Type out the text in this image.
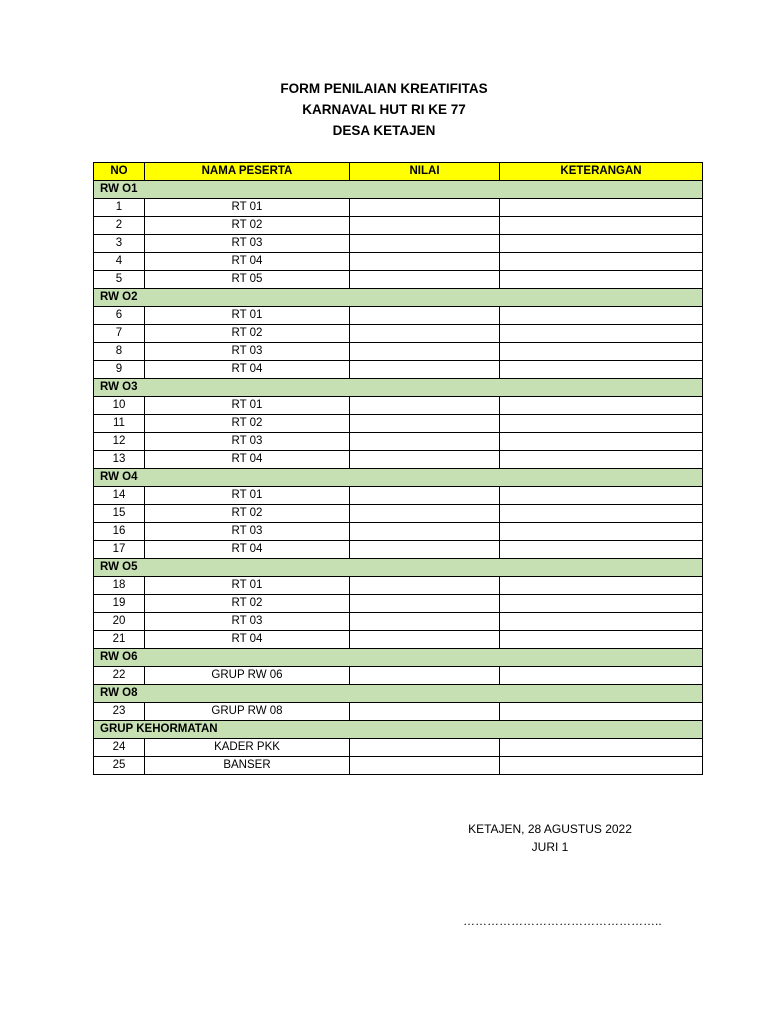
FORM PENILAIAN KREATIFITAS
KARNAVAL HUT RI KE 77
DESA KETAJEN
NO	NAMA PESERTA	NILAI	KETERANGAN
RW O1			
1	RT 01		
2	RT 02		
3	RT 03		
4	RT 04		
5	RT 05		
RW O2			
6	RT 01		
7	RT 02		
8	RT 03		
9	RT 04		
RW O3			
10	RT 01		
11	RT 02		
12	RT 03		
13	RT 04		
RW O4			
14	RT 01		
15	RT 02		
16	RT 03		
17	RT 04		
RW O5			
18	RT 01		
19	RT 02		
20	RT 03		
21	RT 04		
RW O6			
22	GRUP RW 06		
RW O8			
23	GRUP RW 08		
GRUP KEHORMATAN			
24	KADER PKK		
25	BANSER		
KETAJEN, 28 AGUSTUS 2022
JURI 1
…………………………………………..
